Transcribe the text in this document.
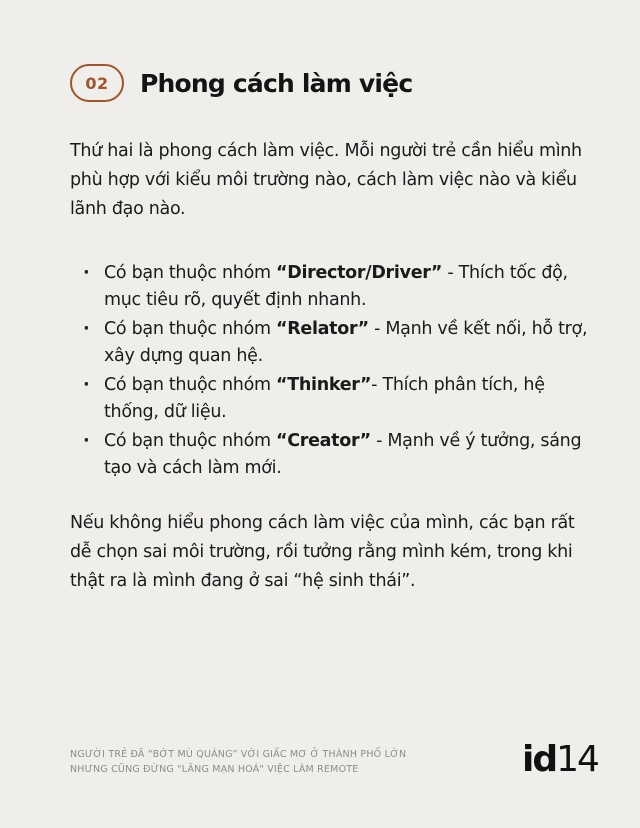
02	Phong cách làm việc

Thứ hai là phong cách làm việc. Mỗi người trẻ cần hiểu mình phù hợp với kiểu môi trường nào, cách làm việc nào và kiểu lãnh đạo nào.

· Có bạn thuộc nhóm “Director/Driver” - Thích tốc độ, mục tiêu rõ, quyết định nhanh.
· Có bạn thuộc nhóm “Relator” - Mạnh về kết nối, hỗ trợ, xây dựng quan hệ.
· Có bạn thuộc nhóm “Thinker”- Thích phân tích, hệ thống, dữ liệu.
· Có bạn thuộc nhóm “Creator” - Mạnh về ý tưởng, sáng tạo và cách làm mới.

Nếu không hiểu phong cách làm việc của mình, các bạn rất dễ chọn sai môi trường, rồi tưởng rằng mình kém, trong khi thật ra là mình đang ở sai “hệ sinh thái”.

NGƯỜI TRẺ ĐÃ “BỚT MÙ QUÁNG” VỚI GIẤC MƠ Ở THÀNH PHỐ LỚN
NHƯNG CŨNG ĐỪNG "LÃNG MẠN HOÁ" VIỆC LÀM REMOTE	id14
